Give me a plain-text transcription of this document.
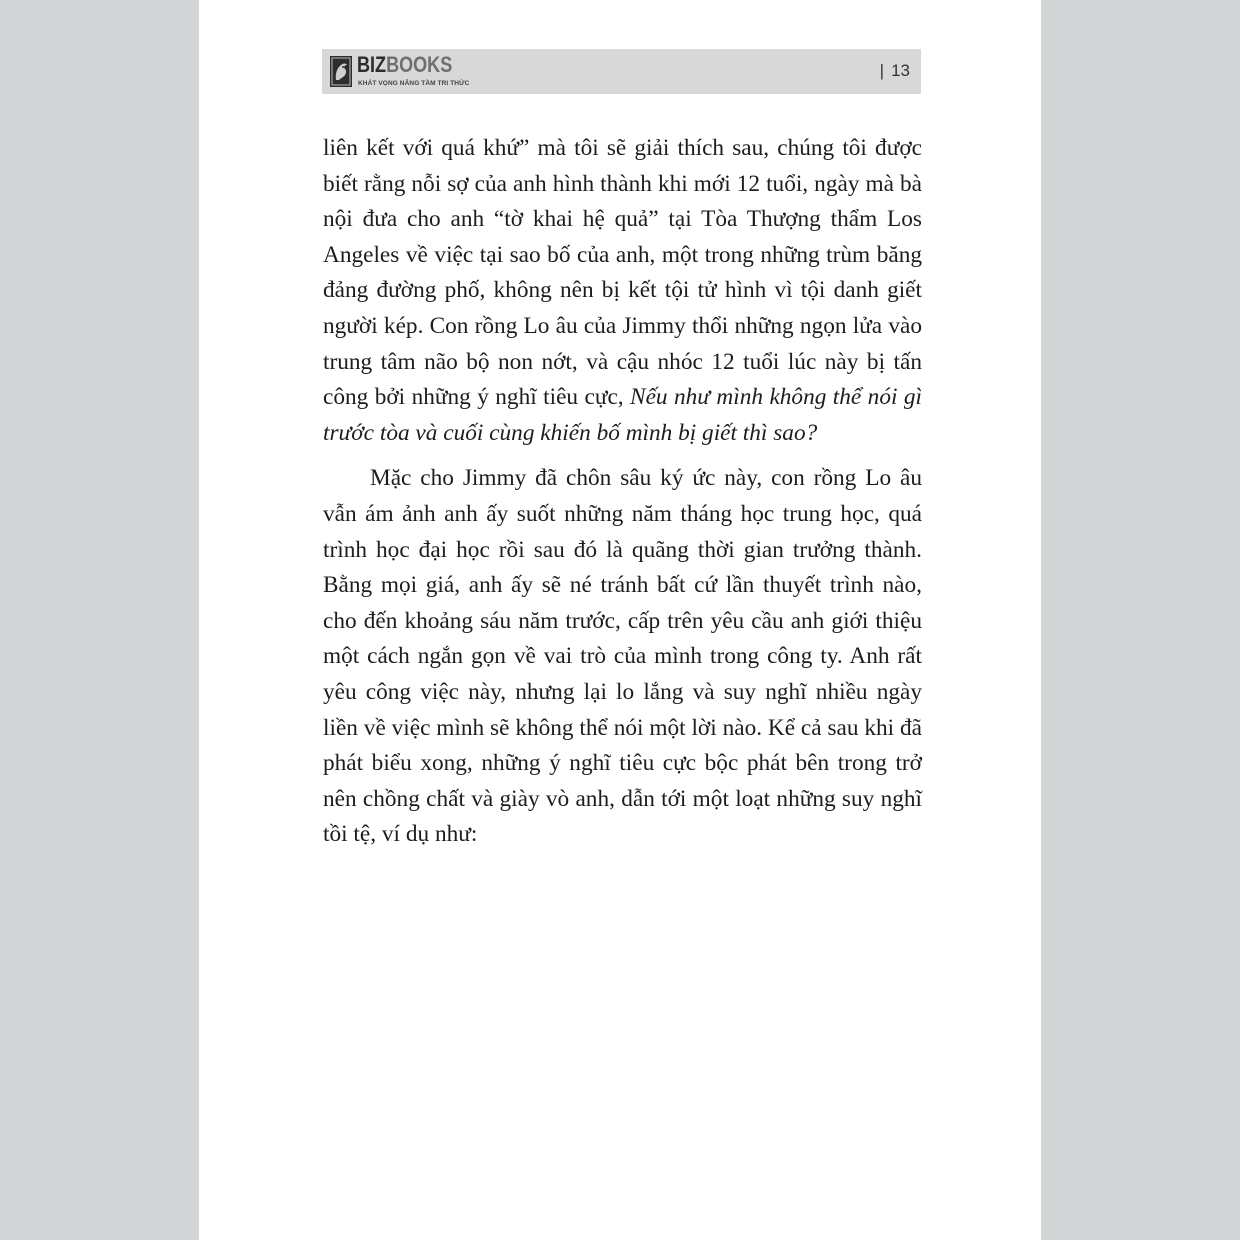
BIZBOOKS
KHÁT VỌNG NÂNG TẦM TRI THỨC
| 13

liên kết với quá khứ” mà tôi sẽ giải thích sau, chúng tôi được biết rằng nỗi sợ của anh hình thành khi mới 12 tuổi, ngày mà bà nội đưa cho anh “tờ khai hệ quả” tại Tòa Thượng thẩm Los Angeles về việc tại sao bố của anh, một trong những trùm băng đảng đường phố, không nên bị kết tội tử hình vì tội danh giết người kép. Con rồng Lo âu của Jimmy thổi những ngọn lửa vào trung tâm não bộ non nớt, và cậu nhóc 12 tuổi lúc này bị tấn công bởi những ý nghĩ tiêu cực, Nếu như mình không thể nói gì trước tòa và cuối cùng khiến bố mình bị giết thì sao?

Mặc cho Jimmy đã chôn sâu ký ức này, con rồng Lo âu vẫn ám ảnh anh ấy suốt những năm tháng học trung học, quá trình học đại học rồi sau đó là quãng thời gian trưởng thành. Bằng mọi giá, anh ấy sẽ né tránh bất cứ lần thuyết trình nào, cho đến khoảng sáu năm trước, cấp trên yêu cầu anh giới thiệu một cách ngắn gọn về vai trò của mình trong công ty. Anh rất yêu công việc này, nhưng lại lo lắng và suy nghĩ nhiều ngày liền về việc mình sẽ không thể nói một lời nào. Kể cả sau khi đã phát biểu xong, những ý nghĩ tiêu cực bộc phát bên trong trở nên chồng chất và giày vò anh, dẫn tới một loạt những suy nghĩ tồi tệ, ví dụ như:
